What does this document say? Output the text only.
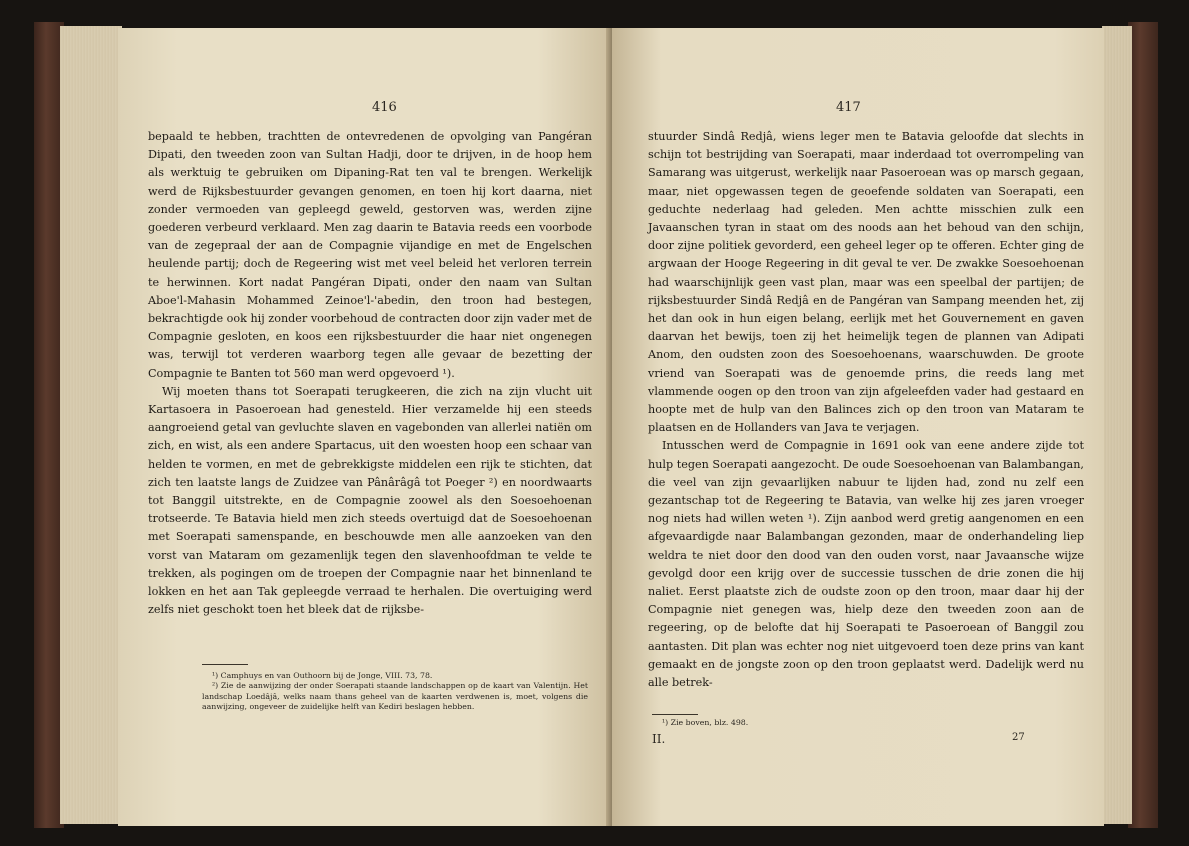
416

bepaald te hebben, trachtten de ontevredenen de opvolging van Pangéran Dipati, den tweeden zoon van Sultan Hadji, door te drijven, in de hoop hem als werktuig te gebruiken om Dipaning-Rat ten val te brengen. Werkelijk werd de Rijksbestuurder gevangen genomen, en toen hij kort daarna, niet zonder vermoeden van gepleegd geweld, gestorven was, werden zijne goederen verbeurd verklaard. Men zag daarin te Batavia reeds een voorbode van de zegepraal der aan de Compagnie vijandige en met de Engelschen heulende partij; doch de Regeering wist met veel beleid het verloren terrein te herwinnen. Kort nadat Pangéran Dipati, onder den naam van Sultan Aboe'l-Mahasin Mohammed Zeinoe'l-'abedin, den troon had bestegen, bekrachtigde ook hij zonder voorbehoud de contracten door zijn vader met de Compagnie gesloten, en koos een rijksbestuurder die haar niet ongenegen was, terwijl tot verderen waarborg tegen alle gevaar de bezetting der Compagnie te Banten tot 560 man werd opgevoerd ¹).

Wij moeten thans tot Soerapati terugkeeren, die zich na zijn vlucht uit Kartasoera in Pasoeroean had genesteld. Hier verzamelde hij een steeds aangroeiend getal van gevluchte slaven en vagebonden van allerlei natiën om zich, en wist, als een andere Spartacus, uit den woesten hoop een schaar van helden te vormen, en met de gebrekkigste middelen een rijk te stichten, dat zich ten laatste langs de Zuidzee van Pânârâgâ tot Poeger ²) en noordwaarts tot Banggil uitstrekte, en de Compagnie zoowel als den Soesoehoenan trotseerde. Te Batavia hield men zich steeds overtuigd dat de Soesoehoenan met Soerapati samenspande, en beschouwde men alle aanzoeken van den vorst van Mataram om gezamenlijk tegen den slavenhoofdman te velde te trekken, als pogingen om de troepen der Compagnie naar het binnenland te lokken en het aan Tak gepleegde verraad te herhalen. Die overtuiging werd zelfs niet geschokt toen het bleek dat de rijksbe-

¹) Camphuys en van Outhoorn bij de Jonge, VIII. 73, 78.

²) Zie de aanwijzing der onder Soerapati staande landschappen op de kaart van Valentijn. Het landschap Loedâjâ, welks naam thans geheel van de kaarten verdwenen is, moet, volgens die aanwijzing, ongeveer de zuidelijke helft van Kediri beslagen hebben.

417

stuurder Sindâ Redjâ, wiens leger men te Batavia geloofde dat slechts in schijn tot bestrijding van Soerapati, maar inderdaad tot overrompeling van Samarang was uitgerust, werkelijk naar Pasoeroean was op marsch gegaan, maar, niet opgewassen tegen de geoefende soldaten van Soerapati, een geduchte nederlaag had geleden. Men achtte misschien zulk een Javaanschen tyran in staat om des noods aan het behoud van den schijn, door zijne politiek gevorderd, een geheel leger op te offeren. Echter ging de argwaan der Hooge Regeering in dit geval te ver. De zwakke Soesoehoenan had waarschijnlijk geen vast plan, maar was een speelbal der partijen; de rijksbestuurder Sindâ Redjâ en de Pangéran van Sampang meenden het, zij het dan ook in hun eigen belang, eerlijk met het Gouvernement en gaven daarvan het bewijs, toen zij het heimelijk tegen de plannen van Adipati Anom, den oudsten zoon des Soesoehoenans, waarschuwden. De groote vriend van Soerapati was de genoemde prins, die reeds lang met vlammende oogen op den troon van zijn afgeleefden vader had gestaard en hoopte met de hulp van den Balinces zich op den troon van Mataram te plaatsen en de Hollanders van Java te verjagen.

Intusschen werd de Compagnie in 1691 ook van eene andere zijde tot hulp tegen Soerapati aangezocht. De oude Soesoehoenan van Balambangan, die veel van zijn gevaarlijken nabuur te lijden had, zond nu zelf een gezantschap tot de Regeering te Batavia, van welke hij zes jaren vroeger nog niets had willen weten ¹). Zijn aanbod werd gretig aangenomen en een afgevaardigde naar Balambangan gezonden, maar de onderhandeling liep weldra te niet door den dood van den ouden vorst, naar Javaansche wijze gevolgd door een krijg over de successie tusschen de drie zonen die hij naliet. Eerst plaatste zich de oudste zoon op den troon, maar daar hij der Compagnie niet genegen was, hielp deze den tweeden zoon aan de regeering, op de belofte dat hij Soerapati te Pasoeroean of Banggil zou aantasten. Dit plan was echter nog niet uitgevoerd toen deze prins van kant gemaakt en de jongste zoon op den troon geplaatst werd. Dadelijk werd nu alle betrek-

¹) Zie boven, blz. 498.

II.	27
